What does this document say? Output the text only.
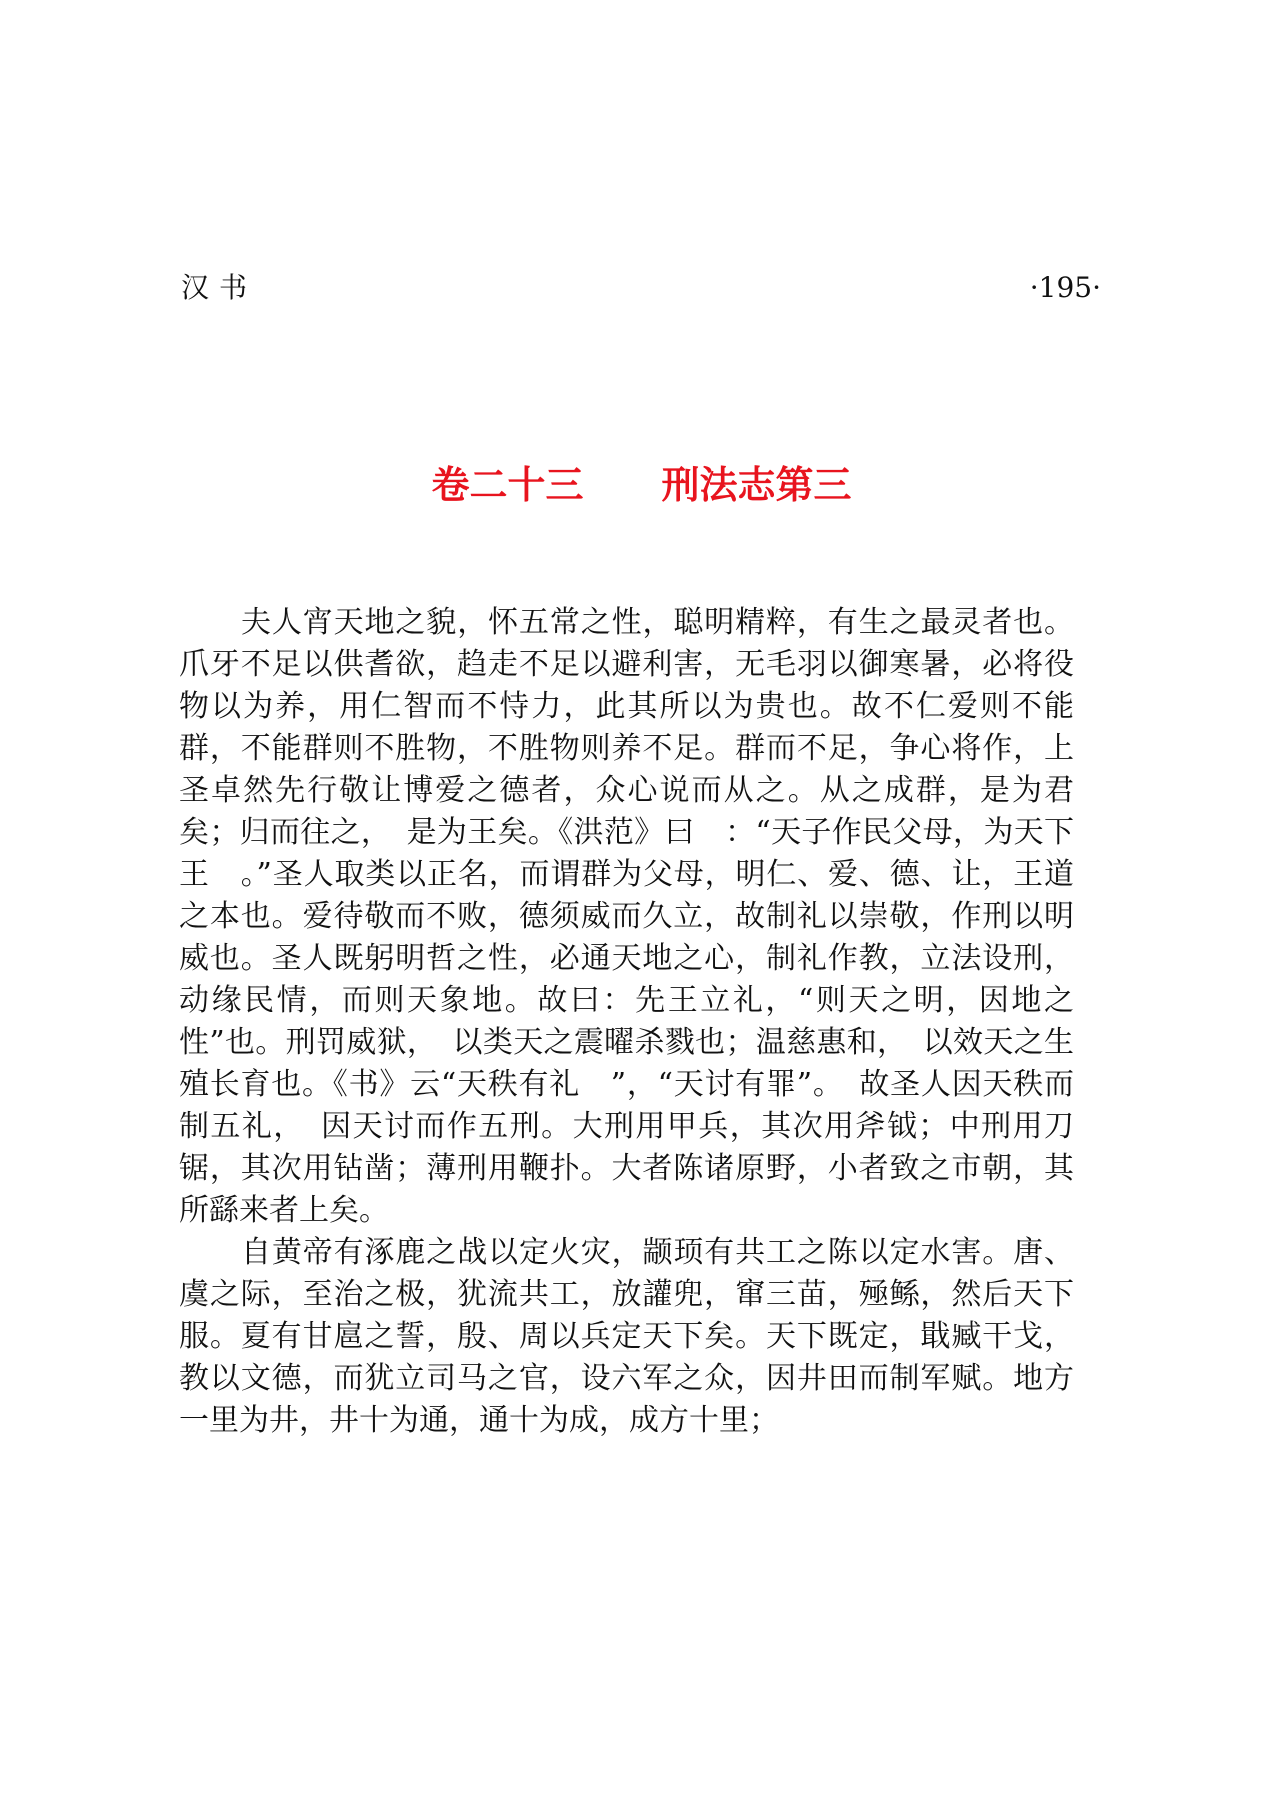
汉书	·195·
卷二十三 刑法志第三

夫人宵天地之貌，怀五常之性，聪明精粹，有生之最灵者也。爪牙不足以供耆欲，趋走不足以避利害，无毛羽以御寒暑，必将役物以为养，用仁智而不恃力，此其所以为贵也。故不仁爱则不能群，不能群则不胜物，不胜物则养不足。群而不足，争心将作，上圣卓然先行敬让博爱之德者，众心说而从之。从之成群，是为君矣；归而往之，　是为王矣。《洪范》曰　：“天子作民父母，为天下王　。”圣人取类以正名，而谓群为父母，明仁、爱、德、让，王道之本也。爱待敬而不败，德须威而久立，故制礼以崇敬，作刑以明威也。圣人既躬明哲之性，必通天地之心，制礼作教，立法设刑，动缘民情，而则天象地。故曰：先王立礼，“则天之明，因地之性”也。刑罚威狱，　以类天之震曜杀戮也；温慈惠和，　以效天之生殖长育也。《书》云“天秩有礼　”，“天讨有罪”。　故圣人因天秩而制五礼，　因天讨而作五刑。大刑用甲兵，其次用斧钺；中刑用刀锯，其次用钻凿；薄刑用鞭扑。大者陈诸原野，小者致之市朝，其所繇来者上矣。

自黄帝有涿鹿之战以定火灾，颛顼有共工之陈以定水害。唐、虞之际，至治之极，犹流共工，放讙兜，窜三苗，殛鲧，然后天下服。夏有甘扈之誓，殷、周以兵定天下矣。天下既定，戢臧干戈，教以文德，而犹立司马之官，设六军之众，因井田而制军赋。地方一里为井，井十为通，通十为成，成方十里；
